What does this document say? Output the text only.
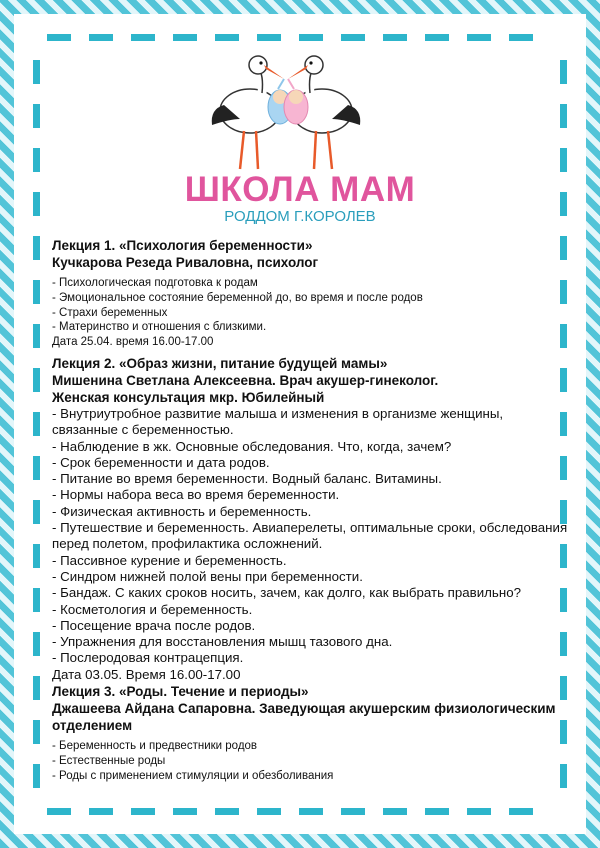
ШКОЛА МАМ
РОДДОМ Г.КОРОЛЕВ
Лекция 1. «Психология беременности»
Кучкарова Резеда Риваловна, психолог
- Психологическая подготовка к родам
- Эмоциональное состояние беременной до, во время и после родов
- Страхи беременных
- Материнство и отношения с близкими.
Дата 25.04. время 16.00-17.00
Лекция 2. «Образ жизни, питание будущей мамы»
Мишенина Светлана Алексеевна. Врач акушер-гинеколог.
Женская консультация мкр. Юбилейный
- Внутриутробное развитие малыша и изменения в организме женщины, связанные с беременностью.
- Наблюдение в жк. Основные обследования. Что, когда, зачем?
- Срок беременности и дата родов.
- Питание во время беременности. Водный баланс. Витамины.
- Нормы набора веса во время беременности.
- Физическая активность и беременность.
- Путешествие и беременность. Авиаперелеты, оптимальные сроки, обследования перед полетом, профилактика осложнений.
- Пассивное курение и беременность.
- Синдром нижней полой вены при беременности.
- Бандаж. С каких сроков носить, зачем, как долго, как выбрать правильно?
- Косметология и беременность.
- Посещение врача после родов.
- Упражнения для восстановления мышц тазового дна.
- Послеродовая контрацепция.
Дата 03.05. Время 16.00-17.00
Лекция 3. «Роды. Течение и периоды»
Джашеева Айдана Сапаровна. Заведующая акушерским физиологическим отделением
- Беременность и предвестники родов
- Естественные роды
- Роды с применением стимуляции и обезболивания
